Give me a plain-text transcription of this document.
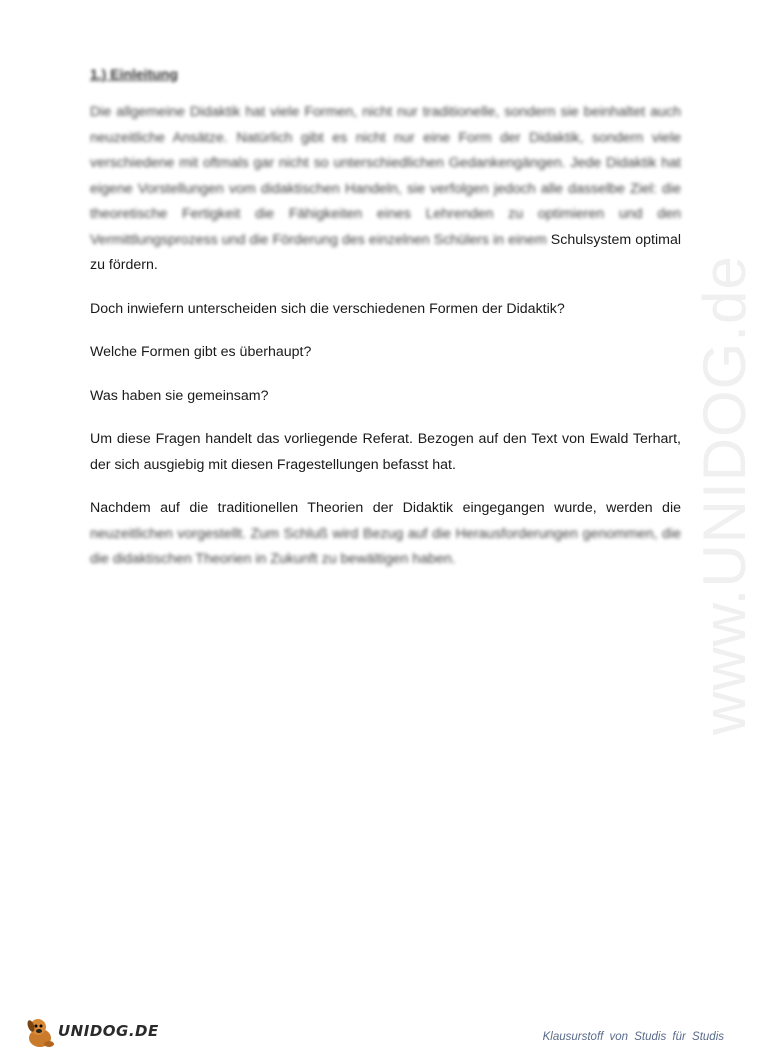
www.UNIDOG.de
1.) Einleitung

Die allgemeine Didaktik hat viele Formen, nicht nur traditionelle, sondern sie beinhaltet auch neuzeitliche Ansätze. Natürlich gibt es nicht nur eine Form der Didaktik, sondern viele verschiedene mit oftmals gar nicht so unterschiedlichen Gedankengängen. Jede Didaktik hat eigene Vorstellungen vom didaktischen Handeln, sie verfolgen jedoch alle dasselbe Ziel: die theoretische Fertigkeit die Fähigkeiten eines Lehrenden zu optimieren und den Vermittlungsprozess und die Förderung des einzelnen Schülers in einem Schulsystem optimal zu fördern.

Doch inwiefern unterscheiden sich die verschiedenen Formen der Didaktik?

Welche Formen gibt es überhaupt?

Was haben sie gemeinsam?

Um diese Fragen handelt das vorliegende Referat. Bezogen auf den Text von Ewald Terhart, der sich ausgiebig mit diesen Fragestellungen befasst hat.

Nachdem auf die traditionellen Theorien der Didaktik eingegangen wurde, werden die neuzeitlichen vorgestellt. Zum Schluß wird Bezug auf die Herausforderungen genommen, die die didaktischen Theorien in Zukunft zu bewältigen haben.

UNIDOG.DE	Klausurstoff von Studis für Studis
